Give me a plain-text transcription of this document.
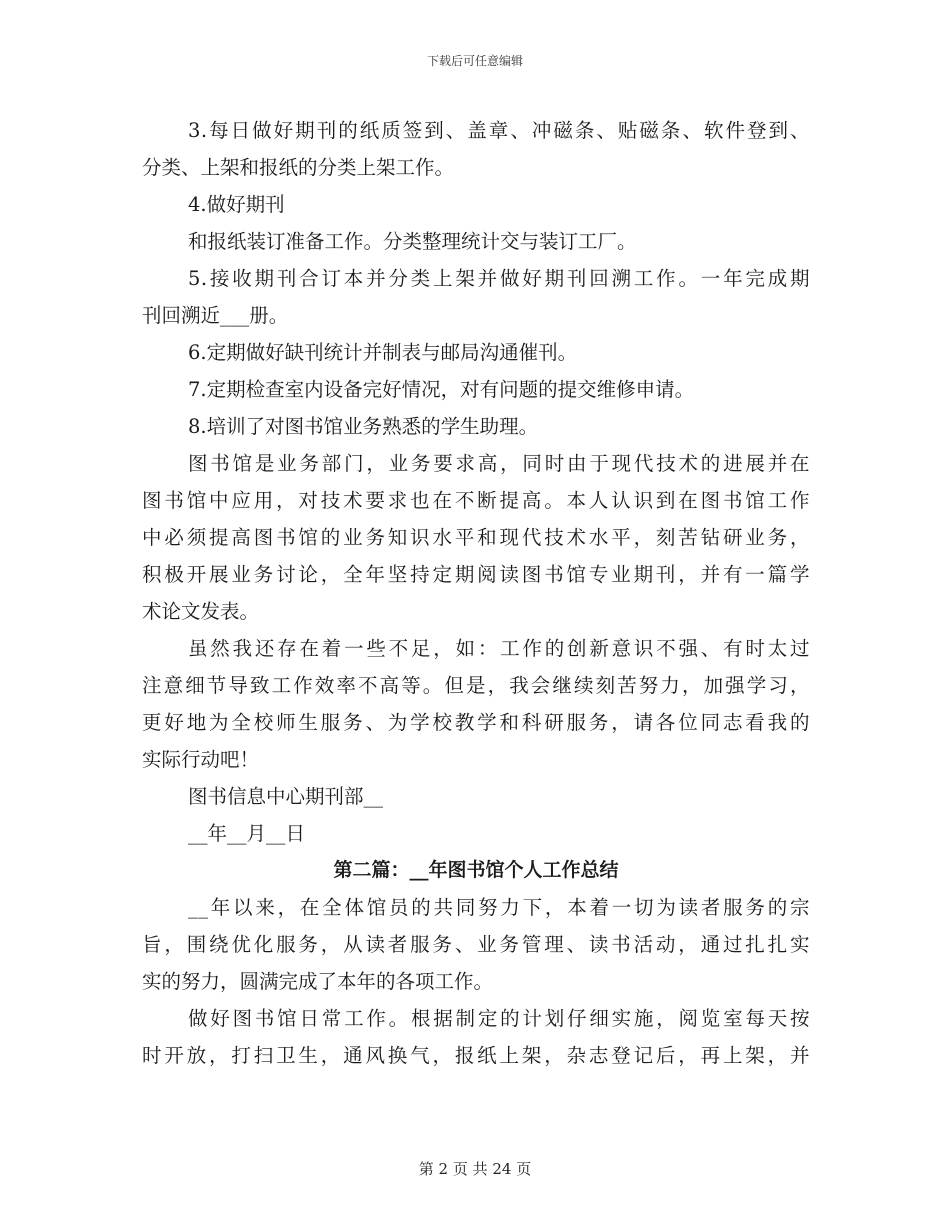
下载后可任意编辑
3.每日做好期刊的纸质签到、盖章、冲磁条、贴磁条、软件登到、
分类、上架和报纸的分类上架工作。
4.做好期刊
和报纸装订准备工作。分类整理统计交与装订工厂。
5.接收期刊合订本并分类上架并做好期刊回溯工作。一年完成期
刊回溯近___册。
6.定期做好缺刊统计并制表与邮局沟通催刊。
7.定期检查室内设备完好情况，对有问题的提交维修申请。
8.培训了对图书馆业务熟悉的学生助理。
图书馆是业务部门，业务要求高，同时由于现代技术的进展并在
图书馆中应用，对技术要求也在不断提高。本人认识到在图书馆工作
中必须提高图书馆的业务知识水平和现代技术水平，刻苦钻研业务，
积极开展业务讨论，全年坚持定期阅读图书馆专业期刊，并有一篇学
术论文发表。
虽然我还存在着一些不足，如：工作的创新意识不强、有时太过
注意细节导致工作效率不高等。但是，我会继续刻苦努力，加强学习，
更好地为全校师生服务、为学校教学和科研服务，请各位同志看我的
实际行动吧！
图书信息中心期刊部__
__年__月__日
第二篇：__年图书馆个人工作总结
__年以来，在全体馆员的共同努力下，本着一切为读者服务的宗
旨，围绕优化服务，从读者服务、业务管理、读书活动，通过扎扎实
实的努力，圆满完成了本年的各项工作。
做好图书馆日常工作。根据制定的计划仔细实施，阅览室每天按
时开放，打扫卫生，通风换气，报纸上架，杂志登记后，再上架，并
第 2 页 共 24 页
